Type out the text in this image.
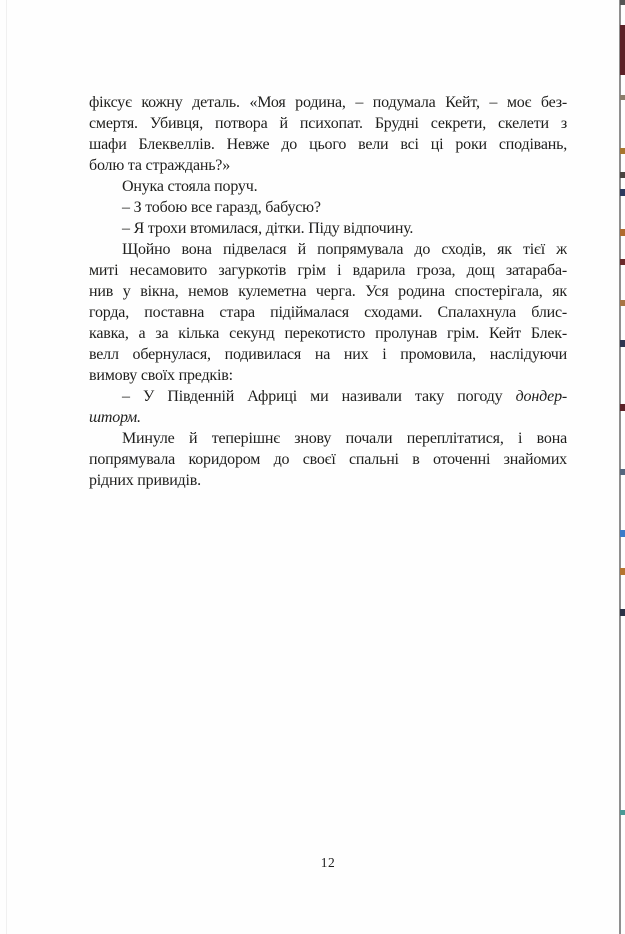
фіксує кожну деталь. «Моя родина, – подумала Кейт, – моє без-
смертя. Убивця, потвора й психопат. Брудні секрети, скелети з
шафи Блеквеллів. Невже до цього вели всі ці роки сподівань,
болю та страждань?»
Онука стояла поруч.
– З тобою все гаразд, бабусю?
– Я трохи втомилася, дітки. Піду відпочину.
Щойно вона підвелася й попрямувала до сходів, як тієї ж
миті несамовито загуркотів грім і вдарила гроза, дощ затараба-
нив у вікна, немов кулеметна черга. Уся родина спостерігала, як
горда, поставна стара підіймалася сходами. Спалахнула блис-
кавка, а за кілька секунд перекотисто пролунав грім. Кейт Блек-
велл обернулася, подивилася на них і промовила, наслідуючи
вимову своїх предків:
– У Південній Африці ми називали таку погоду дондер-
шторм.
Минуле й теперішнє знову почали переплітатися, і вона
попрямувала коридором до своєї спальні в оточенні знайомих
рідних привидів.
12
